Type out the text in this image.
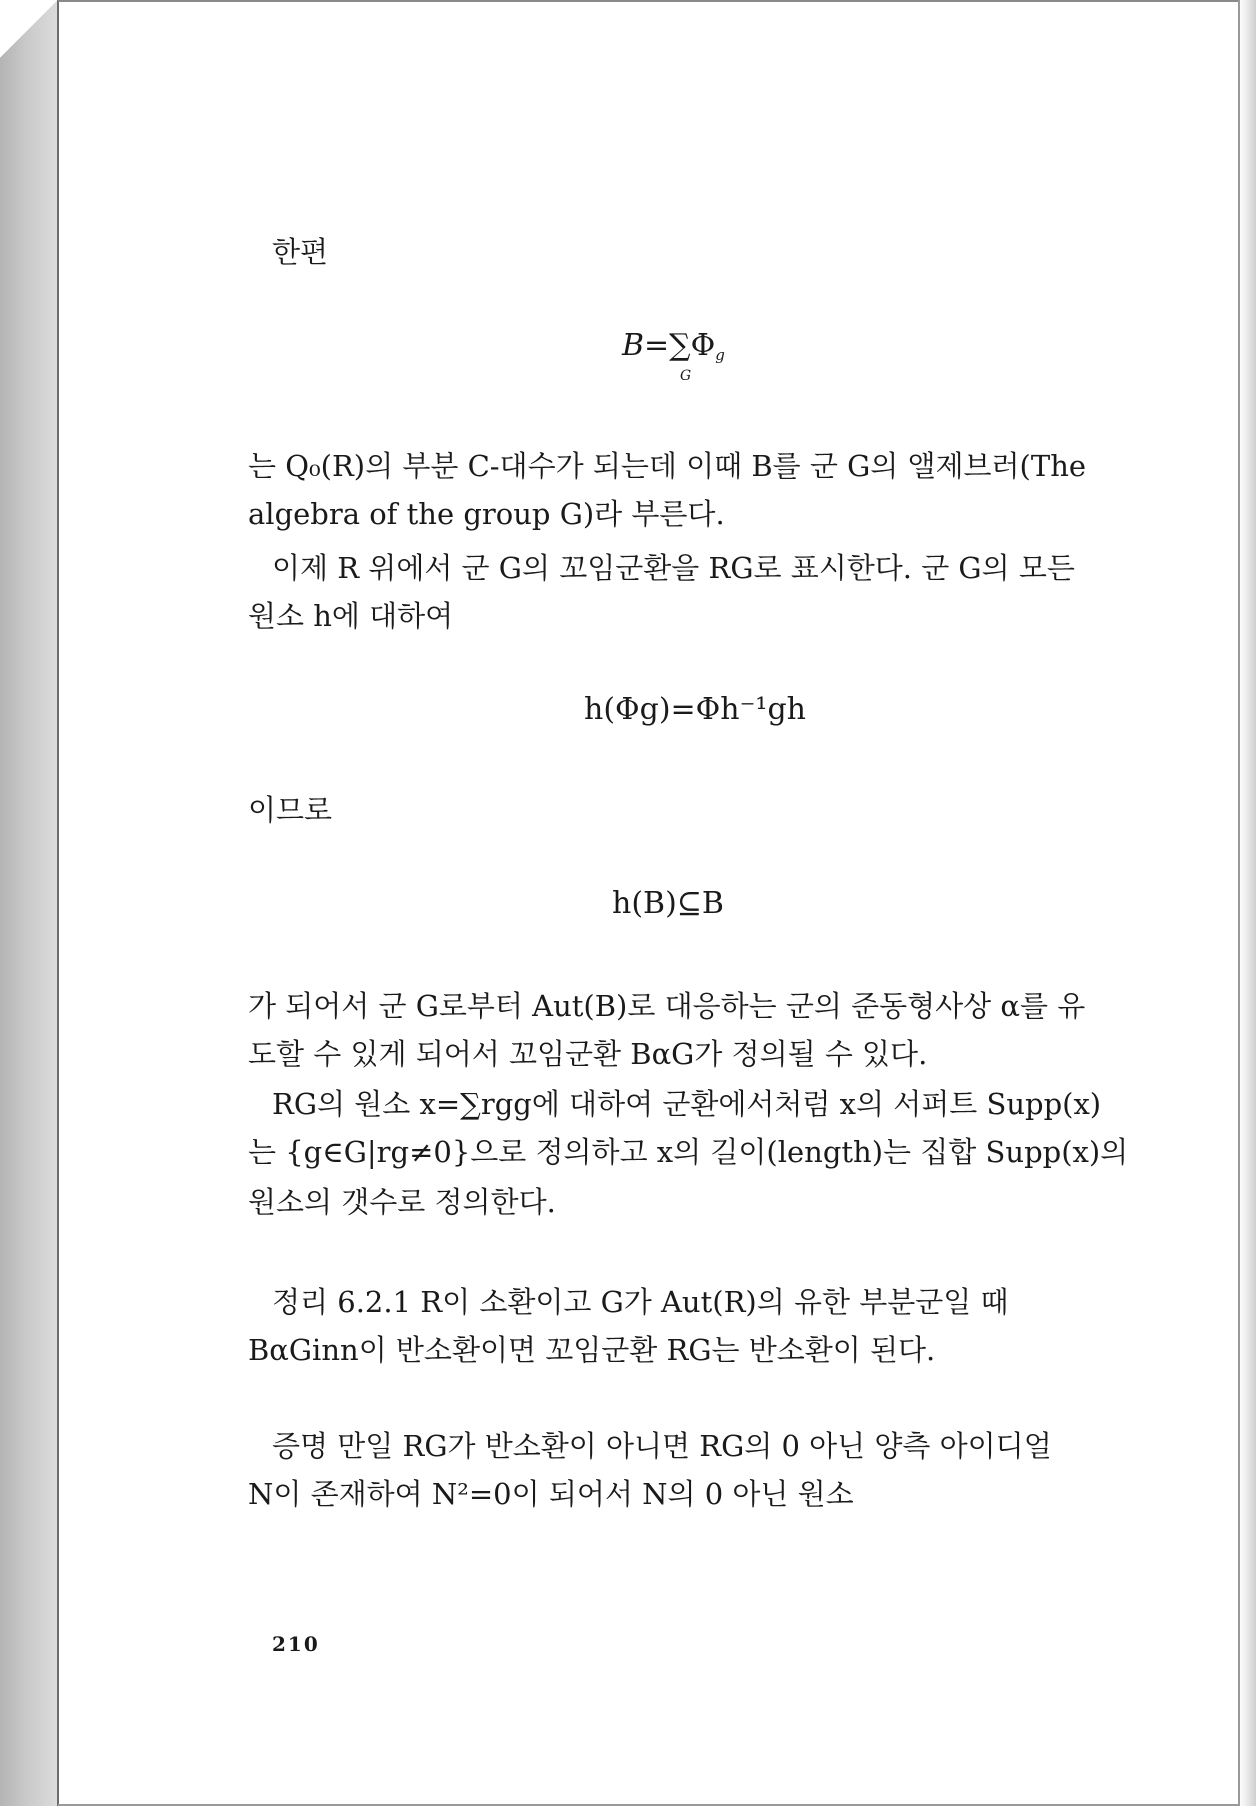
한편
$B=\sum\Phi_g$
G
는 Q₀(R)의 부분 C-대수가 되는데 이때 B를 군 G의 앨제브러(The
algebra of the group G)라 부른다.
이제 R 위에서 군 G의 꼬임군환을 RG로 표시한다. 군 G의 모든
원소 h에 대하여
h(Φg)=Φh⁻¹gh
이므로
h(B)⊆B
가 되어서 군 G로부터 Aut(B)로 대응하는 군의 준동형사상 α를 유
도할 수 있게 되어서 꼬임군환 BαG가 정의될 수 있다.
RG의 원소 x=∑rgg에 대하여 군환에서처럼 x의 서퍼트 Supp(x)
는 {g∈G|rg≠0}으로 정의하고 x의 길이(length)는 집합 Supp(x)의
원소의 갯수로 정의한다.
정리 6.2.1 R이 소환이고 G가 Aut(R)의 유한 부분군일 때
BαGinn이 반소환이면 꼬임군환 RG는 반소환이 된다.
증명 만일 RG가 반소환이 아니면 RG의 0 아닌 양측 아이디얼
N이 존재하여 N²=0이 되어서 N의 0 아닌 원소
210
